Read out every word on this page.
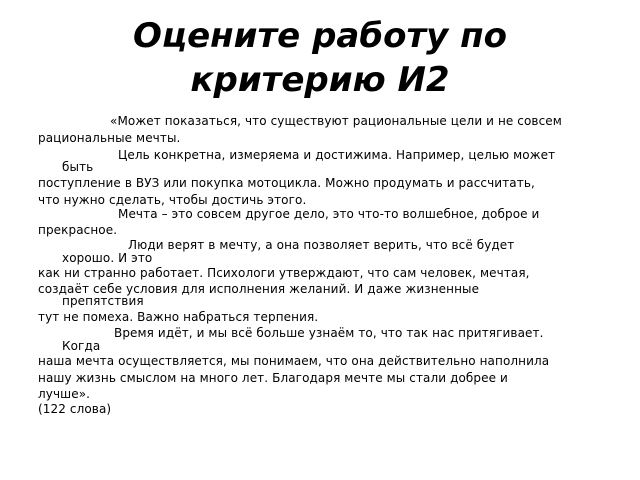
Оцените работу по
критерию И2
«Может показаться, что существуют рациональные цели и не совсем
рациональные мечты.
Цель конкретна, измеряема и достижима. Например, целью может
быть
поступление в ВУЗ или покупка мотоцикла. Можно продумать и рассчитать,
что нужно сделать, чтобы достичь этого.
Мечта – это совсем другое дело, это что-то волшебное, доброе и
прекрасное.
Люди верят в мечту, а она позволяет верить, что всё будет
хорошо. И это
как ни странно работает. Психологи утверждают, что сам человек, мечтая,
создаёт себе условия для исполнения желаний. И даже жизненные
препятствия
тут не помеха. Важно набраться терпения.
Время идёт, и мы всё больше узнаём то, что так нас притягивает.
Когда
наша мечта осуществляется, мы понимаем, что она действительно наполнила
нашу жизнь смыслом на много лет. Благодаря мечте мы стали добрее и
лучше».
(122 слова)
